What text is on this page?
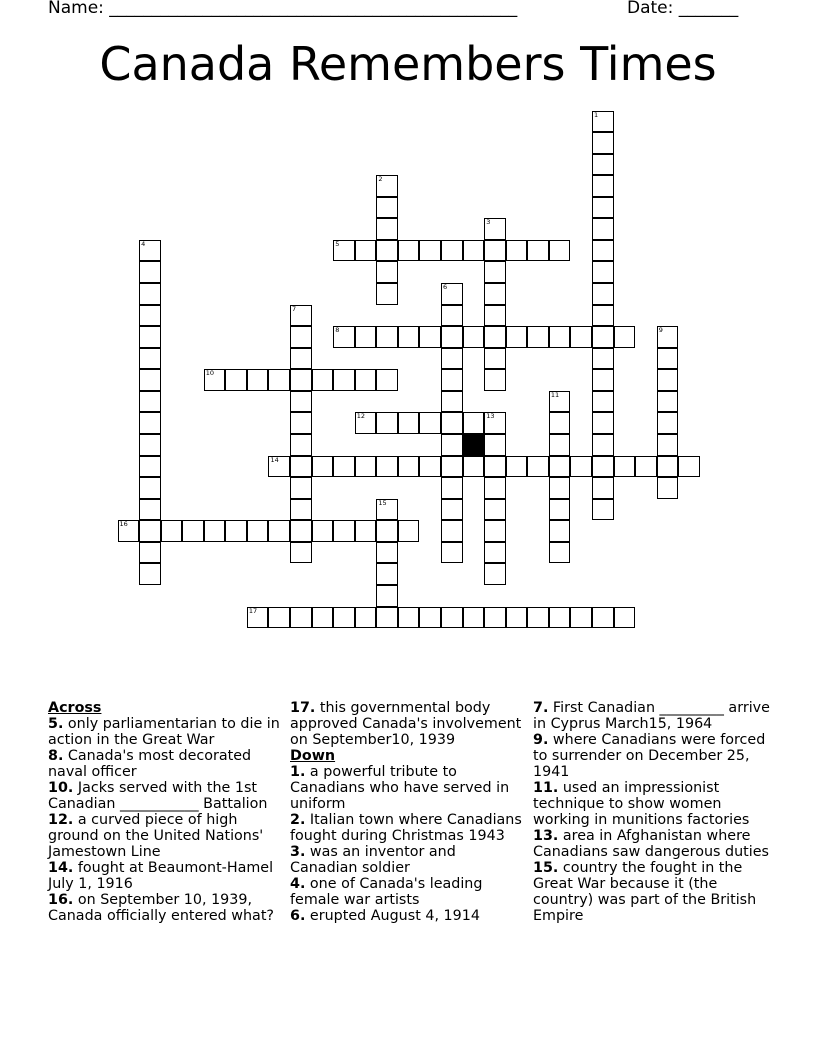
Name: ________________________________________________	Date: _______
Canada Remembers Times
1
2
3
4	5
6
7
8	9
10
11
12	13
14
15
16
17
Across
5. only parliamentarian to die in action in the Great War
8. Canada's most decorated naval officer
10. Jacks served with the 1st Canadian ___________ Battalion
12. a curved piece of high ground on the United Nations' Jamestown Line
14. fought at Beaumont-Hamel July 1, 1916
16. on September 10, 1939, Canada officially entered what?
17. this governmental body approved Canada's involvement on September10, 1939
Down
1. a powerful tribute to Canadians who have served in uniform
2. Italian town where Canadians fought during Christmas 1943
3. was an inventor and Canadian soldier
4. one of Canada's leading female war artists
6. erupted August 4, 1914
7. First Canadian _________ arrive in Cyprus March15, 1964
9. where Canadians were forced to surrender on December 25, 1941
11. used an impressionist technique to show women working in munitions factories
13. area in Afghanistan where Canadians saw dangerous duties
15. country the fought in the Great War because it (the country) was part of the British Empire
